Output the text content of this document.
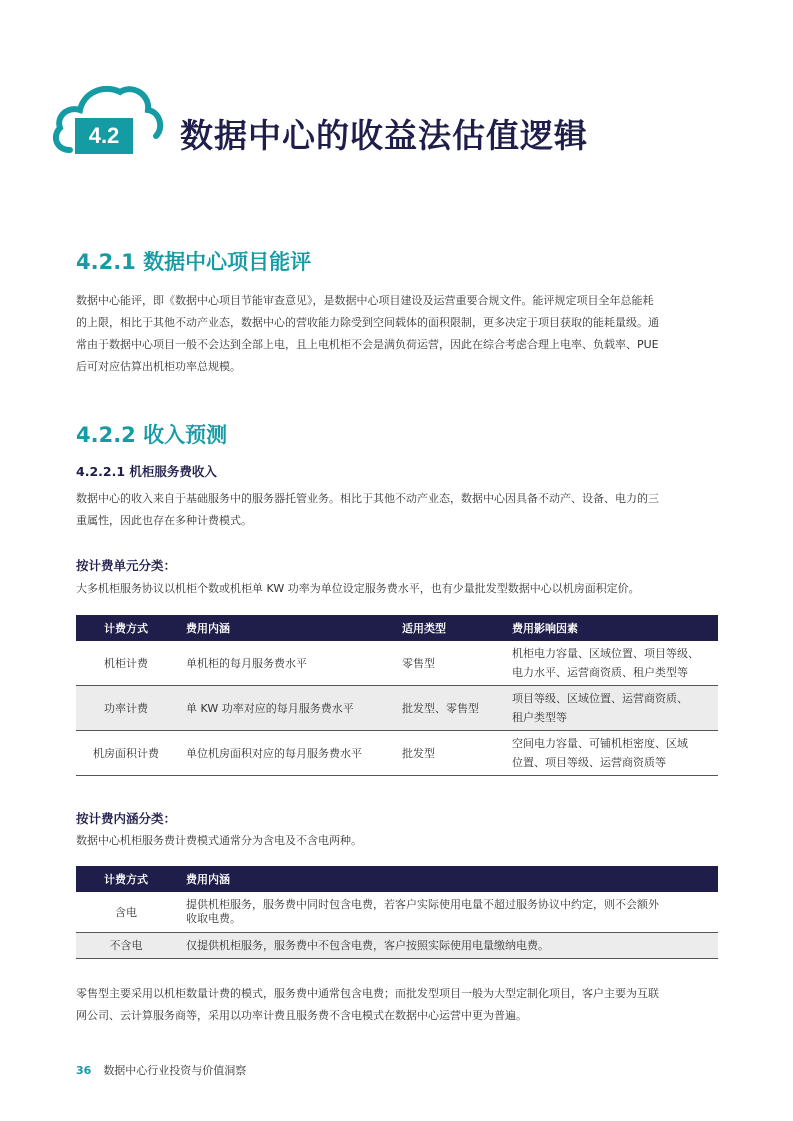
4.2	数据中心的收益法估值逻辑
4.2.1 数据中心项目能评
数据中心能评，即《数据中心项目节能审查意见》，是数据中心项目建设及运营重要合规文件。能评规定项目全年总能耗
的上限，相比于其他不动产业态，数据中心的营收能力除受到空间载体的面积限制，更多决定于项目获取的能耗量级。通
常由于数据中心项目一般不会达到全部上电，且上电机柜不会是满负荷运营，因此在综合考虑合理上电率、负载率、PUE
后可对应估算出机柜功率总规模。
4.2.2 收入预测
4.2.2.1 机柜服务费收入
数据中心的收入来自于基础服务中的服务器托管业务。相比于其他不动产业态，数据中心因具备不动产、设备、电力的三
重属性，因此也存在多种计费模式。
按计费单元分类：
大多机柜服务协议以机柜个数或机柜单 KW 功率为单位设定服务费水平，也有少量批发型数据中心以机房面积定价。
计费方式	费用内涵	适用类型	费用影响因素
机柜计费	单机柜的每月服务费水平	零售型	机柜电力容量、区域位置、项目等级、
电力水平、运营商资质、租户类型等

功率计费	单 KW 功率对应的每月服务费水平	批发型、零售型	项目等级、区域位置、运营商资质、
租户类型等

机房面积计费	单位机房面积对应的每月服务费水平	批发型	空间电力容量、可铺机柜密度、区域
位置、项目等级、运营商资质等
按计费内涵分类：
数据中心机柜服务费计费模式通常分为含电及不含电两种。
计费方式	费用内涵
含电	提供机柜服务，服务费中同时包含电费，若客户实际使用电量不超过服务协议中约定，则不会额外
收取电费。

不含电	仅提供机柜服务，服务费中不包含电费，客户按照实际使用电量缴纳电费。
零售型主要采用以机柜数量计费的模式，服务费中通常包含电费；而批发型项目一般为大型定制化项目，客户主要为互联
网公司、云计算服务商等，采用以功率计费且服务费不含电模式在数据中心运营中更为普遍。
36 数据中心行业投资与价值洞察
